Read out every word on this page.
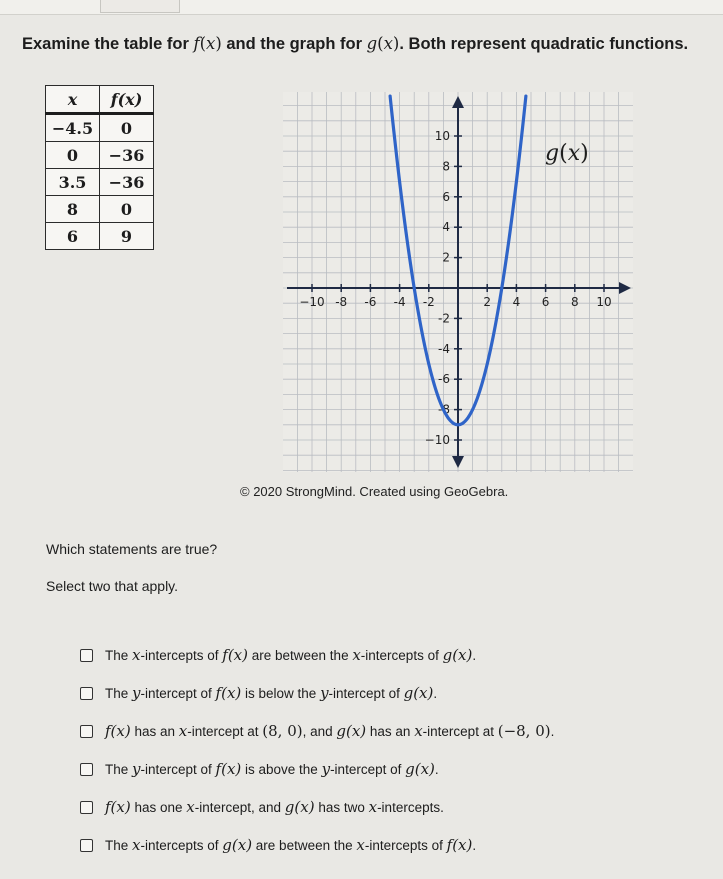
Examine the table for f(x) and the graph for g(x). Both represent quadratic functions.
x	f(x)
−4.5	0
0	−36
3.5	−36
8	0
6	9
−10 -8 -6 -4 -2	2 4 6 8 10
10
8
6
4
2
-2
-4
-6
-8
−10
g(x)
© 2020 StrongMind. Created using GeoGebra.
Which statements are true?
Select two that apply.
The x-intercepts of f(x) are between the x-intercepts of g(x).
The y-intercept of f(x) is below the y-intercept of g(x).
f(x) has an x-intercept at (8, 0), and g(x) has an x-intercept at (−8, 0).
The y-intercept of f(x) is above the y-intercept of g(x).
f(x) has one x-intercept, and g(x) has two x-intercepts.
The x-intercepts of g(x) are between the x-intercepts of f(x).
